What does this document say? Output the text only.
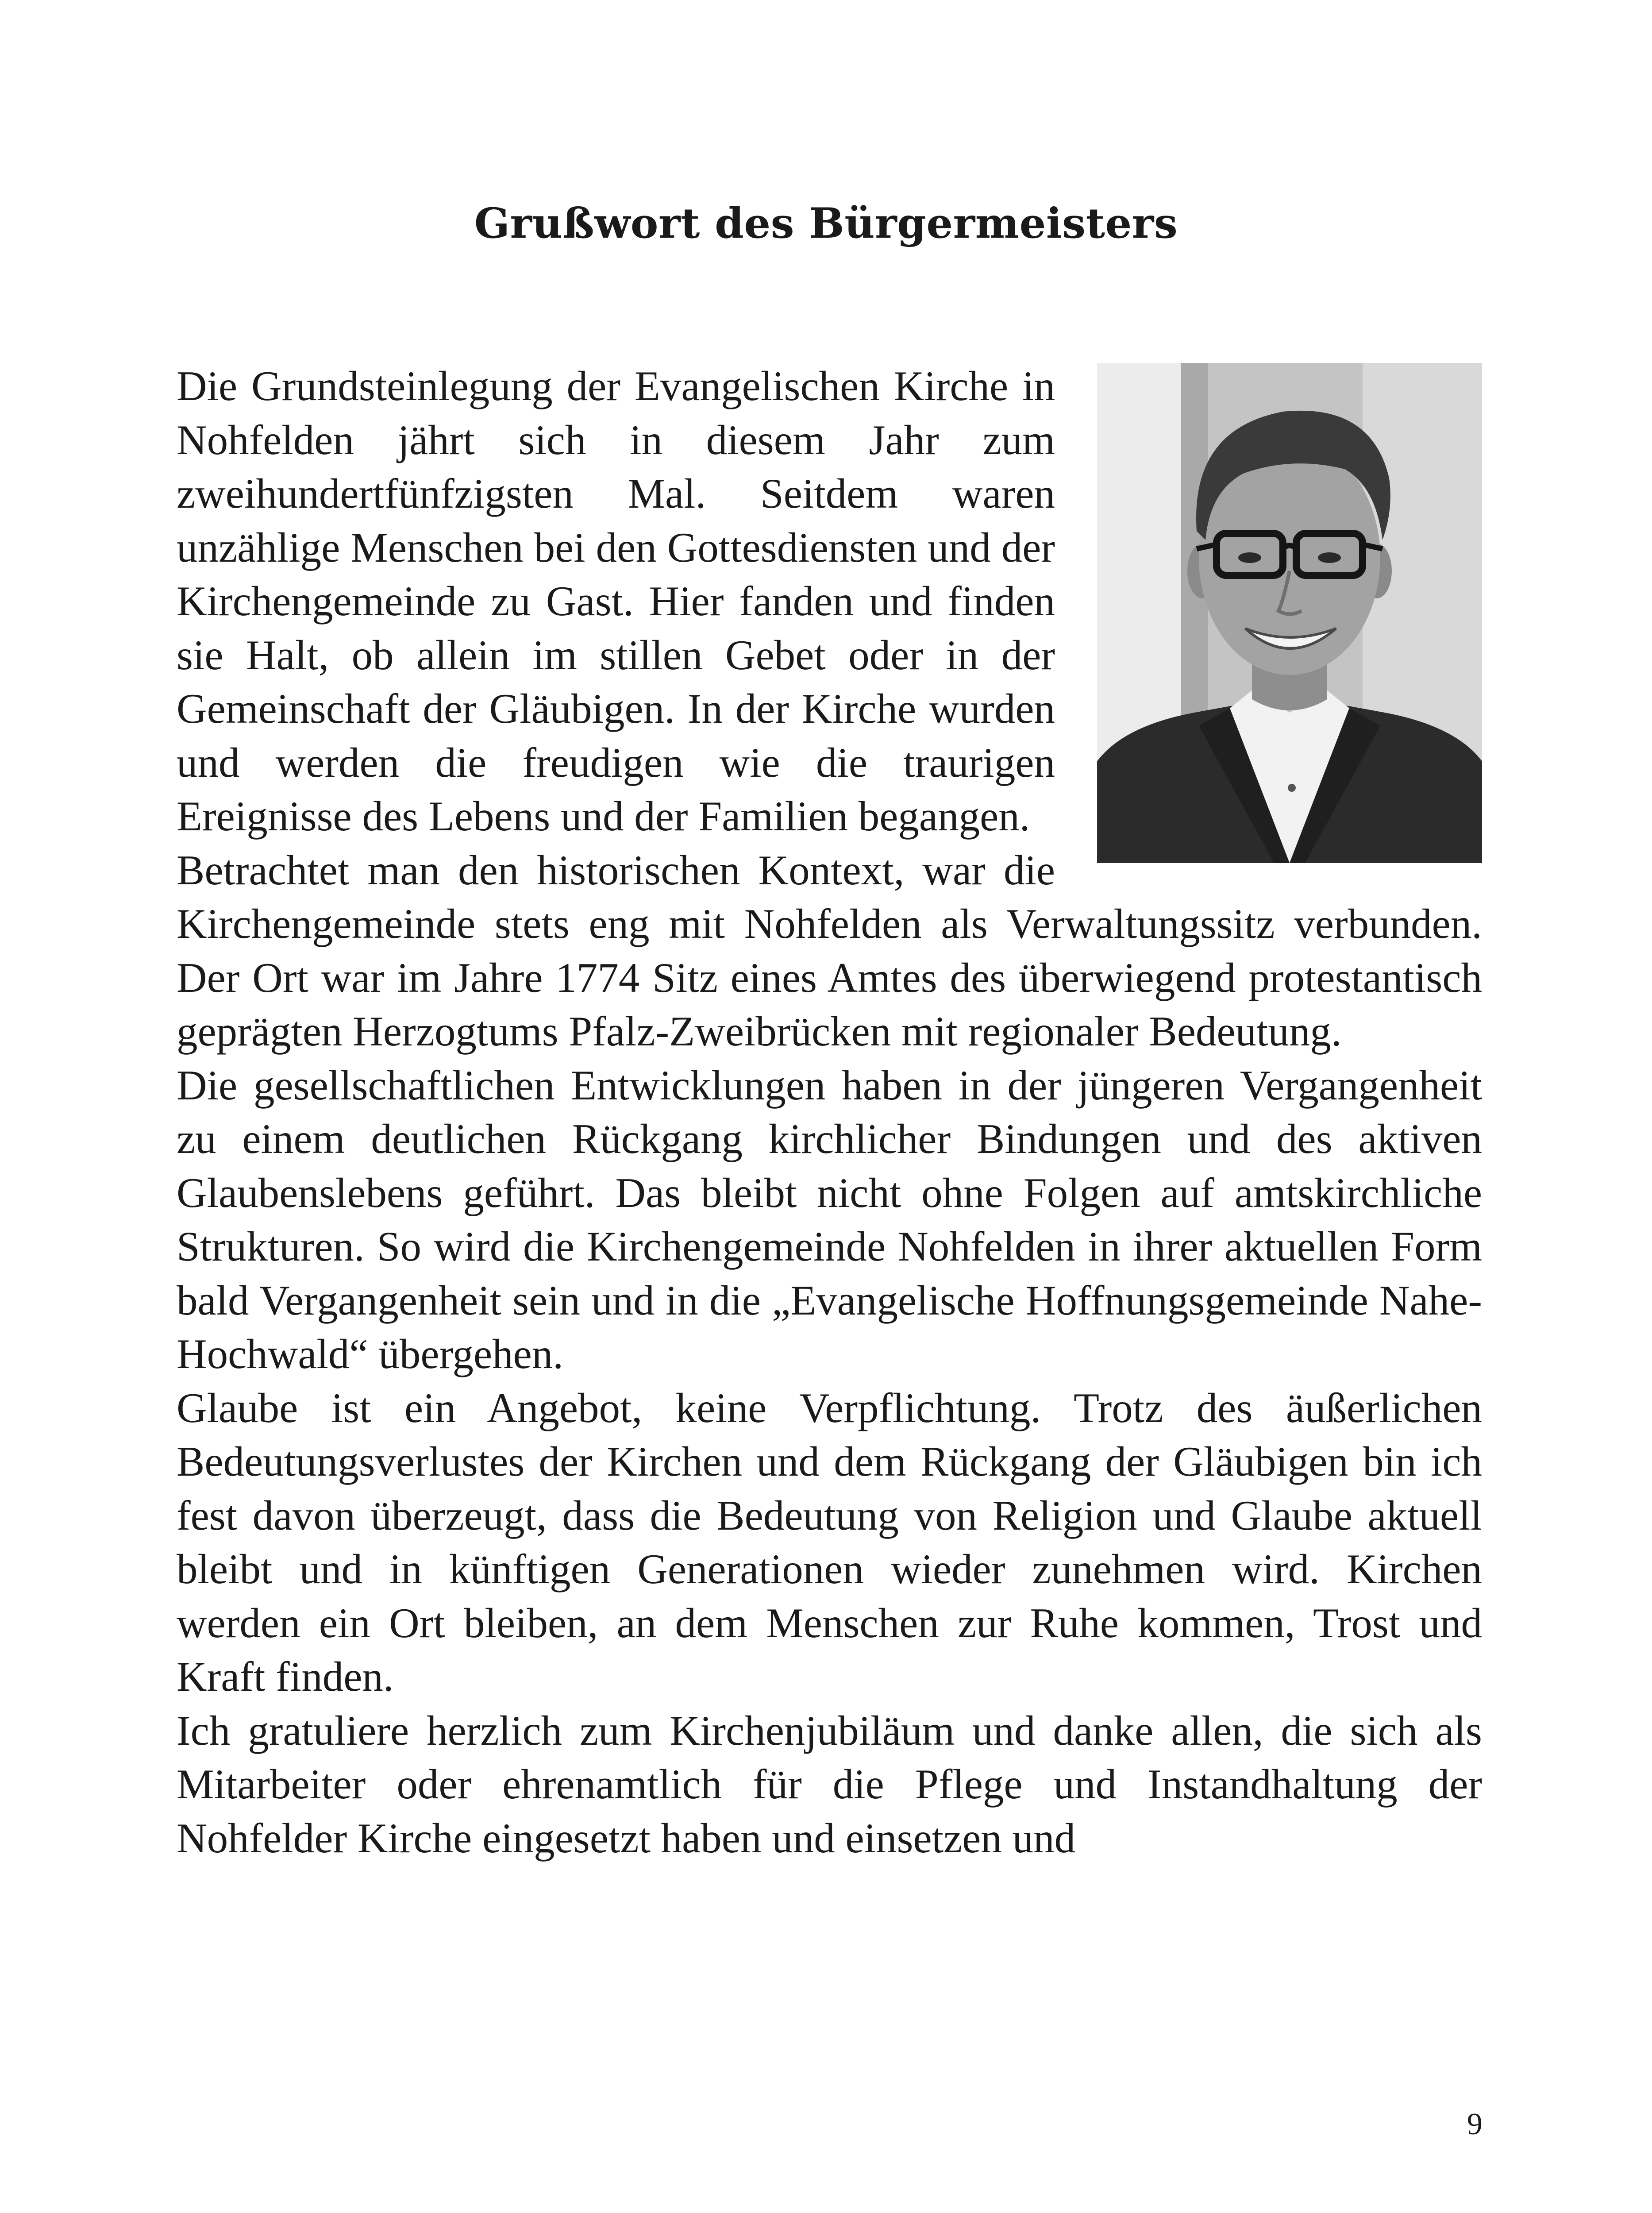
Grußwort des Bürgermeisters

Die Grundsteinlegung der Evangelischen Kirche in Nohfelden jährt sich in diesem Jahr zum zweihundertfünfzigsten Mal. Seitdem waren unzählige Menschen bei den Gottesdiensten und der Kirchengemeinde zu Gast. Hier fanden und finden sie Halt, ob allein im stillen Gebet oder in der Gemeinschaft der Gläubigen. In der Kirche wurden und werden die freudigen wie die traurigen Ereignisse des Lebens und der Familien begangen.

Betrachtet man den historischen Kontext, war die Kirchengemeinde stets eng mit Nohfelden als Verwaltungssitz verbunden. Der Ort war im Jahre 1774 Sitz eines Amtes des überwiegend protestantisch geprägten Herzogtums Pfalz-Zweibrücken mit regionaler Bedeutung.

Die gesellschaftlichen Entwicklungen haben in der jüngeren Vergangenheit zu einem deutlichen Rückgang kirchlicher Bindungen und des aktiven Glaubenslebens geführt. Das bleibt nicht ohne Folgen auf amtskirchliche Strukturen. So wird die Kirchengemeinde Nohfelden in ihrer aktuellen Form bald Vergangenheit sein und in die „Evangelische Hoffnungsgemeinde Nahe-Hochwald“ übergehen.

Glaube ist ein Angebot, keine Verpflichtung. Trotz des äußerlichen Bedeutungsverlustes der Kirchen und dem Rückgang der Gläubigen bin ich fest davon überzeugt, dass die Bedeutung von Religion und Glaube aktuell bleibt und in künftigen Generationen wieder zunehmen wird. Kirchen werden ein Ort bleiben, an dem Menschen zur Ruhe kommen, Trost und Kraft finden.

Ich gratuliere herzlich zum Kirchenjubiläum und danke allen, die sich als Mitarbeiter oder ehrenamtlich für die Pflege und Instandhaltung der Nohfelder Kirche eingesetzt haben und einsetzen und

9
